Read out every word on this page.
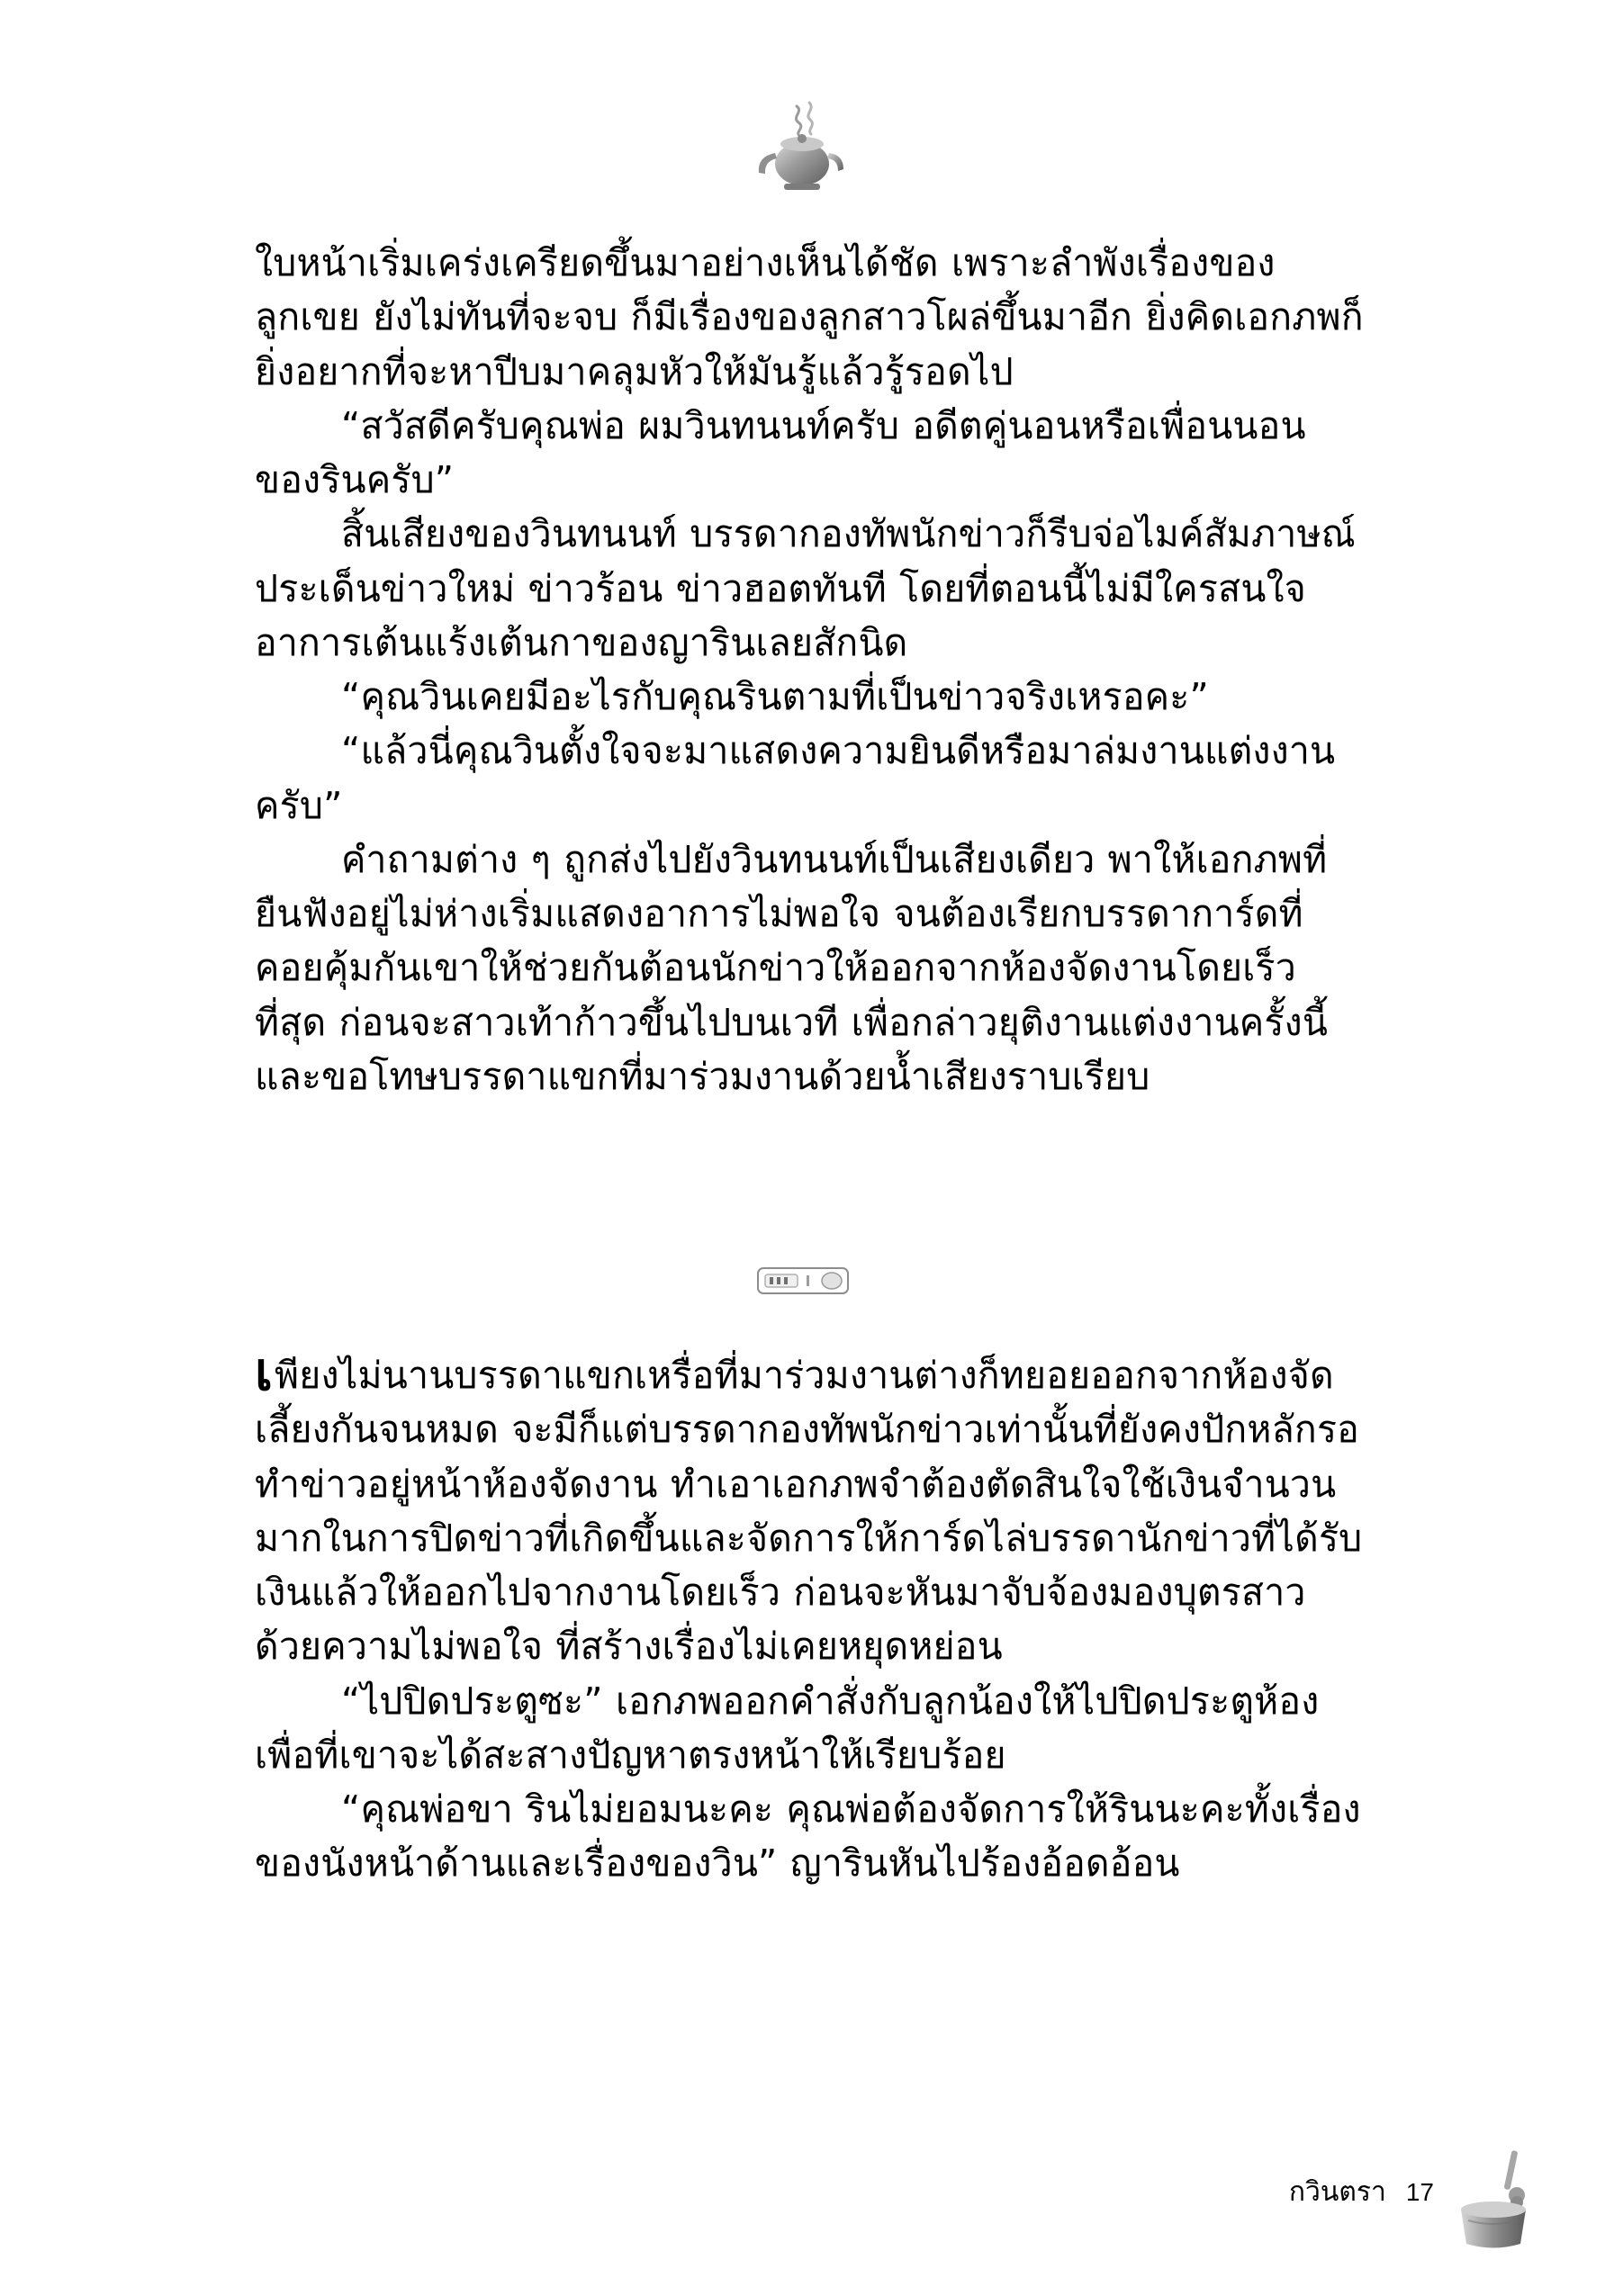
ใบหน้าเริ่มเคร่งเครียดขึ้นมาอย่างเห็นได้ชัด เพราะลำพังเรื่องของลูกเขย ยังไม่ทันที่จะจบ ก็มีเรื่องของลูกสาวโผล่ขึ้นมาอีก ยิ่งคิดเอกภพก็ยิ่งอยากที่จะหาปีบมาคลุมหัวให้มันรู้แล้วรู้รอดไป

“สวัสดีครับคุณพ่อ ผมวินทนนท์ครับ อดีตคู่นอนหรือเพื่อนนอนของรินครับ”

สิ้นเสียงของวินทนนท์ บรรดากองทัพนักข่าวก็รีบจ่อไมค์สัมภาษณ์ประเด็นข่าวใหม่ ข่าวร้อน ข่าวฮอตทันที โดยที่ตอนนี้ไม่มีใครสนใจอาการเต้นแร้งเต้นกาของญารินเลยสักนิด

“คุณวินเคยมีอะไรกับคุณรินตามที่เป็นข่าวจริงเหรอคะ”

“แล้วนี่คุณวินตั้งใจจะมาแสดงความยินดีหรือมาล่มงานแต่งงานครับ”

คำถามต่าง ๆ ถูกส่งไปยังวินทนนท์เป็นเสียงเดียว พาให้เอกภพที่ยืนฟังอยู่ไม่ห่างเริ่มแสดงอาการไม่พอใจ จนต้องเรียกบรรดาการ์ดที่คอยคุ้มกันเขาให้ช่วยกันต้อนนักข่าวให้ออกจากห้องจัดงานโดยเร็วที่สุด ก่อนจะสาวเท้าก้าวขึ้นไปบนเวที เพื่อกล่าวยุติงานแต่งงานครั้งนี้และขอโทษบรรดาแขกที่มาร่วมงานด้วยน้ำเสียงราบเรียบ

เพียงไม่นานบรรดาแขกเหรื่อที่มาร่วมงานต่างก็ทยอยออกจากห้องจัดเลี้ยงกันจนหมด จะมีก็แต่บรรดากองทัพนักข่าวเท่านั้นที่ยังคงปักหลักรอทำข่าวอยู่หน้าห้องจัดงาน ทำเอาเอกภพจำต้องตัดสินใจใช้เงินจำนวนมากในการปิดข่าวที่เกิดขึ้นและจัดการให้การ์ดไล่บรรดานักข่าวที่ได้รับเงินแล้วให้ออกไปจากงานโดยเร็ว ก่อนจะหันมาจับจ้องมองบุตรสาวด้วยความไม่พอใจ ที่สร้างเรื่องไม่เคยหยุดหย่อน

“ไปปิดประตูซะ” เอกภพออกคำสั่งกับลูกน้องให้ไปปิดประตูห้องเพื่อที่เขาจะได้สะสางปัญหาตรงหน้าให้เรียบร้อย

“คุณพ่อขา รินไม่ยอมนะคะ คุณพ่อต้องจัดการให้รินนะคะทั้งเรื่องของนังหน้าด้านและเรื่องของวิน” ญารินหันไปร้องอ้อดอ้อน

กวินตรา 17
